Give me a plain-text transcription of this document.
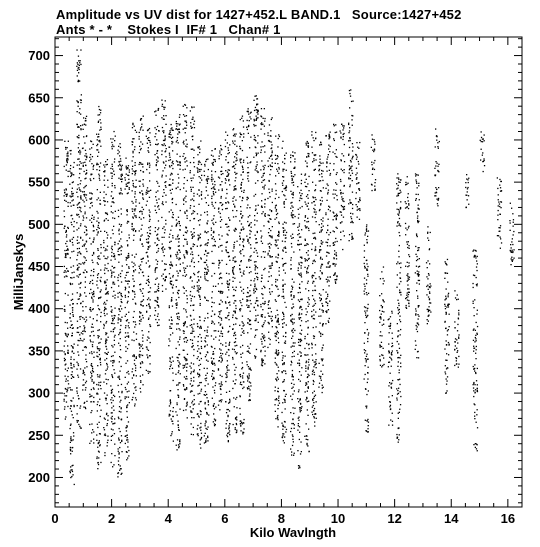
Amplitude vs UV dist for 1427+452.L BAND.1   Source:1427+452
Ants * - *    Stokes I  IF# 1   Chan# 1
0	2	4	6	8	10	12	14	16
200
250
300
350
400
450
500
550
600
650
700
Kilo Wavlngth
MilliJanskys
